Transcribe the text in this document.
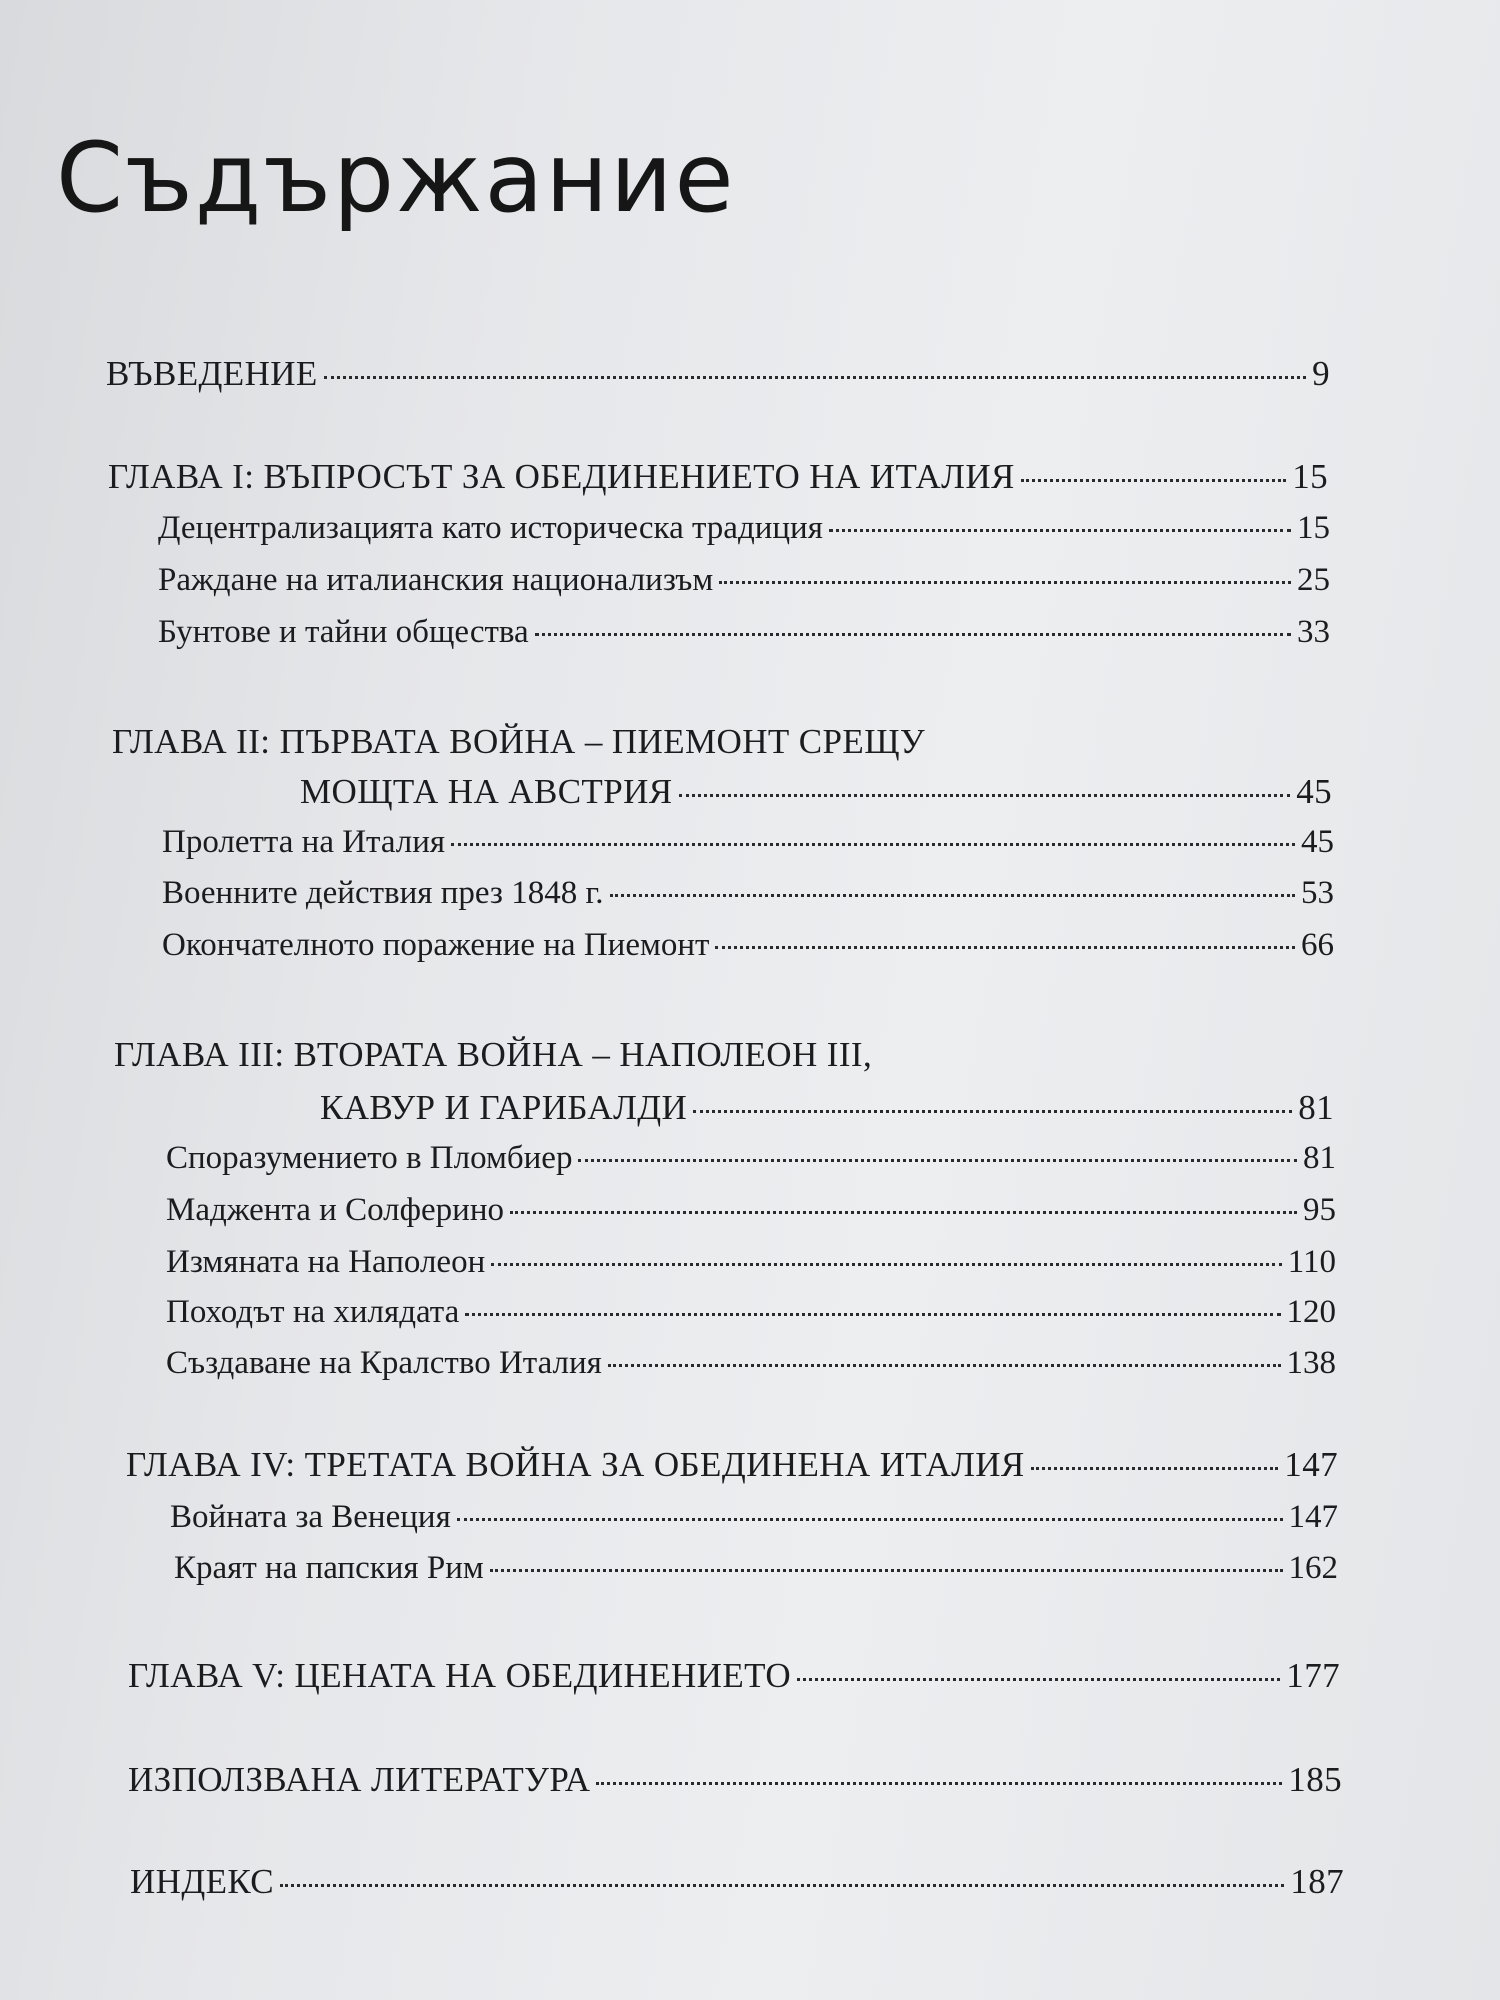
Съдържание
ВЪВЕДЕНИЕ	9
ГЛАВА I: ВЪПРОСЪТ ЗА ОБЕДИНЕНИЕТО НА ИТАЛИЯ	15
Децентрализацията като историческа традиция	15
Раждане на италианския национализъм	25
Бунтове и тайни общества	33
ГЛАВА II: ПЪРВАТА ВОЙНА – ПИЕМОНТ СРЕЩУ
МОЩТА НА АВСТРИЯ	45
Пролетта на Италия	45
Военните действия през 1848 г.	53
Окончателното поражение на Пиемонт	66
ГЛАВА III: ВТОРАТА ВОЙНА – НАПОЛЕОН III,
КАВУР И ГАРИБАЛДИ	81
Споразумението в Пломбиер	81
Маджента и Солферино	95
Измяната на Наполеон	110
Походът на хилядата	120
Създаване на Кралство Италия	138
ГЛАВА IV: ТРЕТАТА ВОЙНА ЗА ОБЕДИНЕНА ИТАЛИЯ	147
Войната за Венеция	147
Краят на папския Рим	162
ГЛАВА V: ЦЕНАТА НА ОБЕДИНЕНИЕТО	177
ИЗПОЛЗВАНА ЛИТЕРАТУРА	185
ИНДЕКС	187
